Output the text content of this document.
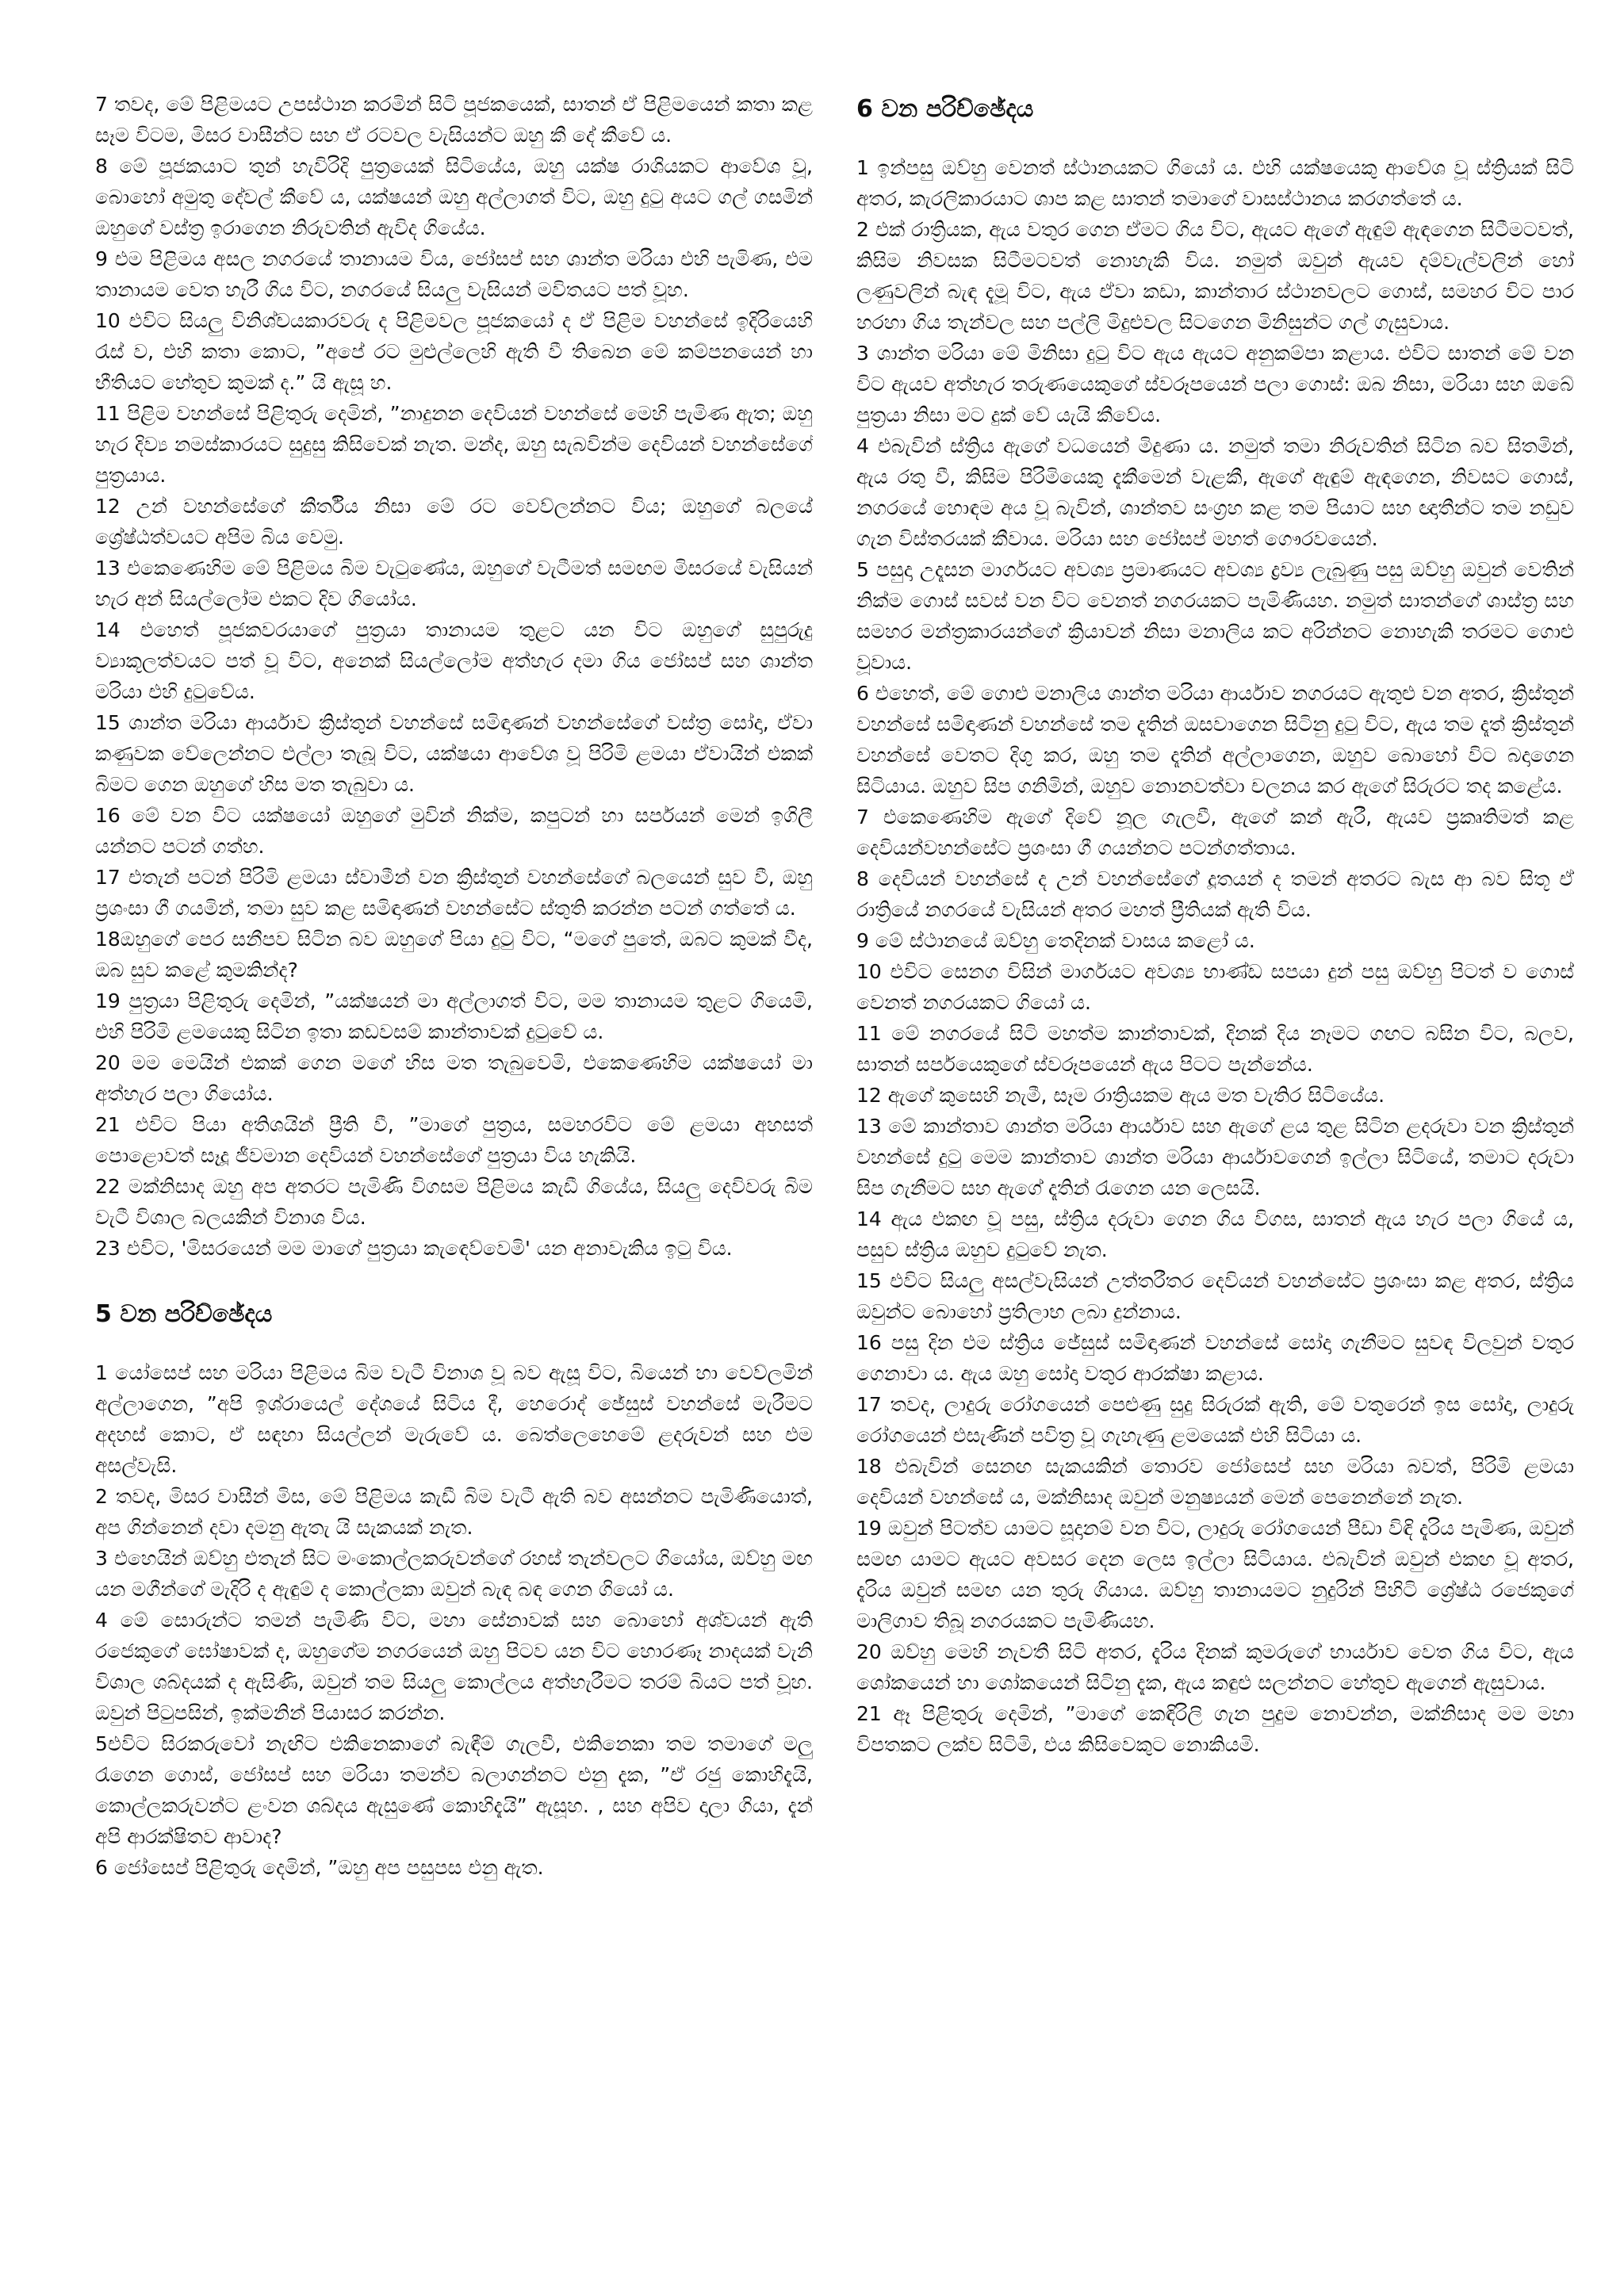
7 තවද, මේ පිළිමයට උපස්ථාන කරමින් සිටි පූජකයෙක්, සාතන් ඒ පිළිමයෙන් කතා කළ සෑම විටම, මිසර වාසීන්ට සහ ඒ රටවල වැසියන්ට ඔහු කී දේ කීවේ ය.

8 මේ පූජකයාට තුන් හැවිරිදි පුත්‍රයෙක් සිටියේය, ඔහු යක්ෂ රාශියකට ආවේශ වූ, බොහෝ අමුතු දේවල් කීවේ ය, යක්ෂයන් ඔහු අල්ලාගත් විට, ඔහු දුටු අයට ගල් ගසමින් ඔහුගේ වස්ත්‍ර ඉරාගෙන නිරුවතින් ඇවිද ගියේය.

9 එම පිළිමය අසල නගරයේ තානායම විය, ජෝසප් සහ ශාන්ත මරියා එහි පැමිණ, එම තානායම වෙත හැරී ගිය විට, නගරයේ සියලු වැසියන් මවිතයට පත් වූහ.

10 එවිට සියලු විනිශ්චයකාරවරු ද පිළිමවල පූජකයෝ ද ඒ පිළිම වහන්සේ ඉදිරියෙහි රැස් ව, එහි කතා කොට, ”අපේ රට මුළුල්ලෙහි ඇති වී තිබෙන මේ කම්පනයෙන් හා භීතියට හේතුව කුමක් ද.” යි ඇසූ හ.

11 පිළිම වහන්සේ පිළිතුරු දෙමින්, ”නාදුනන දෙවියන් වහන්සේ මෙහි පැමිණ ඇත; ඔහු හැර දිව්‍ය නමස්කාරයට සුදුසු කිසිවෙක් නැත. මන්ද, ඔහු සැබවින්ම දෙවියන් වහන්සේගේ පුත්‍රයාය.

12 උන් වහන්සේගේ කීර්තිය නිසා මේ රට වෙව්ලන්නට විය; ඔහුගේ බලයේ ශ්‍රේෂ්ඨත්වයට අපිම බිය වෙමු.

13 එකෙණෙහිම මේ පිළිමය බිම වැටුණේය, ඔහුගේ වැටීමත් සමඟම මිසරයේ වැසියන් හැර අන් සියල්ලෝම එකට දිව ගියෝය.

14 එහෙත් පූජකවරයාගේ පුත්‍රයා තානායම තුළට යන විට ඔහුගේ සුපුරුදු ව්‍යාකූලත්වයට පත් වූ විට, අනෙක් සියල්ලෝම අත්හැර දමා ගිය ජෝසප් සහ ශාන්ත මරියා එහි දුටුවේය.

15 ශාන්ත මරියා ආර්යාව ක්‍රිස්තුන් වහන්සේ සමිඳාණන් වහන්සේගේ වස්ත්‍ර සෝදා, ඒවා කණුවක වේලෙන්නට එල්ලා තැබූ විට, යක්ෂයා ආවේශ වූ පිරිමි ළමයා ඒවායින් එකක් බිමට ගෙන ඔහුගේ හිස මත තැබුවා ය.

16 මේ වන විට යක්ෂයෝ ඔහුගේ මුවින් නික්ම, කපුටන් හා සර්පයන් මෙන් ඉගිලී යන්නට පටන් ගත්හ.

17 එතැන් පටන් පිරිමි ළමයා ස්වාමීන් වන ක්‍රිස්තුන් වහන්සේගේ බලයෙන් සුව වී, ඔහු ප්‍රශංසා ගී ගයමින්, තමා සුව කළ සමිඳාණන් වහන්සේට ස්තුති කරන්න පටන් ගත්තේ ය.

18ඔහුගේ පෙර සනීපව සිටින බව ඔහුගේ පියා දුටු විට, “මගේ පුතේ, ඔබට කුමක් වීද, ඔබ සුව කළේ කුමකින්ද?

19 පුත්‍රයා පිළිතුරු දෙමින්, ”යක්ෂයන් මා අල්ලාගත් විට, මම තානායම තුළට ගියෙමි, එහි පිරිමි ළමයෙකු සිටින ඉතා කඩවසම් කාන්තාවක් දුටුවේ ය.

20 මම මෙයින් එකක් ගෙන මගේ හිස මත තැබුවෙමි, එකෙණෙහිම යක්ෂයෝ මා අත්හැර පලා ගියෝය.

21 එවිට පියා අතිශයින් ප්‍රීති වී, ”මාගේ පුත්‍රය, සමහරවිට මේ ළමයා අහසත් පොළොවත් සෑදූ ජීවමාන දෙවියන් වහන්සේගේ පුත්‍රයා විය හැකියි.

22 මක්නිසාද ඔහු අප අතරට පැමිණි විගසම පිළිමය කැඩී ගියේය, සියලු දෙවිවරු බිම වැටී විශාල බලයකින් විනාශ විය.

23 එවිට, 'මිසරයෙන් මම මාගේ පුත්‍රයා කැඳෙව්වෙමි' යන අනාවැකිය ඉටු විය.

5 වන පරිච්ඡේදය

1 යෝසෙප් සහ මරියා පිළිමය බිම වැටී විනාශ වූ බව ඇසූ විට, බියෙන් හා වෙව්ලමින් අල්ලාගෙන, ”අපි ඉශ්රායෙල් දේශයේ සිටිය දී, හෙරොද් ජේසුස් වහන්සේ මැරීමට අදහස් කොට, ඒ සඳහා සියල්ලන් මැරුවේ ය. බෙත්ලෙහෙමේ ළදරුවන් සහ එම අසල්වැසි.

2 තවද, මිසර වාසීන් මිස, මේ පිළිමය කැඩී බිම වැටී ඇති බව අසන්නට පැමිණියොත්, අප ගින්නෙන් දවා දමනු ඇතැ යි සැකයක් නැත.

3 එහෙයින් ඔව්හු එතැන් සිට මංකොල්ලකරුවන්ගේ රහස් තැන්වලට ගියෝය, ඔව්හු මඟ යන මගීන්ගේ මැදිරි ද ඇඳුම් ද කොල්ලකා ඔවුන් බැඳ බඳ ගෙන ගියෝ ය.

4 මේ සොරුන්ට තමන් පැමිණි විට, මහා සේනාවක් සහ බොහෝ අශ්වයන් ඇති රජෙකුගේ ඝෝෂාවක් ද, ඔහුගේම නගරයෙන් ඔහු පිටව යන විට හොරණෑ නාදයක් වැනි විශාල ශබ්දයක් ද ඇසිණි, ඔවුන් තම සියලු කොල්ලය අත්හැරීමට තරම් බියට පත් වූහ. ඔවුන් පිටුපසින්, ඉක්මනින් පියාසර කරන්න.

5එවිට සිරකරුවෝ නැඟිට එකිනෙකාගේ බැඳීම් ගැලවී, එකිනෙකා තම තමාගේ මලු රැගෙන ගොස්, ජෝසප් සහ මරියා තමන්ව බලාගන්නට එනු දැක, ”ඒ රජු කොහිදැයි, කොල්ලකරුවන්ට ළංවන ශබ්දය ඇසුණේ කොහිදැයි” ඇසූහ. , සහ අපිව දාලා ගියා, දැන් අපි ආරක්ෂිතව ආවාද?

6 ජෝසෙප් පිළිතුරු දෙමින්, ”ඔහු අප පසුපස එනු ඇත.

6 වන පරිච්ඡේදය

1 ඉන්පසු ඔව්හු වෙනත් ස්ථානයකට ගියෝ ය. එහි යක්ෂයෙකු ආවේශ වූ ස්ත්‍රියක් සිටි අතර, කැරලිකාරයාට ශාප කළ සාතන් තමාගේ වාසස්ථානය කරගත්තේ ය.

2 එක් රාත්‍රියක, ඇය වතුර ගෙන ඒමට ගිය විට, ඇයට ඇගේ ඇඳුම් ඇඳගෙන සිටීමටවත්, කිසිම නිවසක සිටීමටවත් නොහැකි විය. නමුත් ඔවුන් ඇයව දම්වැල්වලින් හෝ ලණුවලින් බැඳ දැමූ විට, ඇය ඒවා කඩා, කාන්තාර ස්ථානවලට ගොස්, සමහර විට පාර හරහා ගිය තැන්වල සහ පල්ලි මිදුළුවල සිටගෙන මිනිසුන්ට ගල් ගැසුවාය.

3 ශාන්ත මරියා මේ මිනිසා දුටු විට ඇය ඇයට අනුකම්පා කළාය. එවිට සාතන් මේ වන විට ඇයව අත්හැර තරුණයෙකුගේ ස්වරූපයෙන් පලා ගොස්: ඔබ නිසා, මරියා සහ ඔබේ පුත්‍රයා නිසා මට දුක් වේ යැයි කීවේය.

4 එබැවින් ස්ත්‍රිය ඇගේ වධයෙන් මිදුණා ය. නමුත් තමා නිරුවතින් සිටින බව සිතමින්, ඇය රතු වී, කිසිම පිරිමියෙකු දැකීමෙන් වැළකී, ඇගේ ඇඳුම් ඇඳගෙන, නිවසට ගොස්, නගරයේ හොඳම අය වූ බැවින්, ශාන්තව සංග්‍රහ කළ තම පියාට සහ ඥාතීන්ට තම නඩුව ගැන විස්තරයක් කීවාය. මරියා සහ ජෝසප් මහත් ගෞරවයෙන්.

5 පසුදා උදෑසන මාර්ගයට අවශ්‍ය ප්‍රමාණයට අවශ්‍ය ද්‍රව්‍ය ලැබුණු පසු ඔව්හු ඔවුන් වෙතින් නික්ම ගොස් සවස් වන විට වෙනත් නගරයකට පැමිණියහ. නමුත් සාතන්ගේ ශාස්ත්‍ර සහ සමහර මන්ත්‍රකාරයන්ගේ ක්‍රියාවන් නිසා මනාලිය කට අරින්නට නොහැකි තරමට ගොළු වූවාය.

6 එහෙත්, මේ ගොළු මනාලිය ශාන්ත මරියා ආර්යාව නගරයට ඇතුළු වන අතර, ක්‍රිස්තුන් වහන්සේ සමිඳාණන් වහන්සේ තම දෑතින් ඔසවාගෙන සිටිනු දුටු විට, ඇය තම දෑත් ක්‍රිස්තුන් වහන්සේ වෙතට දිගු කර, ඔහු තම දෑතින් අල්ලාගෙන, ඔහුව බොහෝ විට බදාගෙන සිටියාය. ඔහුව සිප ගනිමින්, ඔහුව නොනවත්වා චලනය කර ඇගේ සිරුරට තද කළේය.

7 එකෙණෙහිම ඇගේ දිවේ නූල ගැලවී, ඇගේ කන් ඇරී, ඇයව ප්‍රකෘතිමත් කළ දෙවියන්වහන්සේට ප්‍රශංසා ගී ගයන්නට පටන්ගත්තාය.

8 දෙවියන් වහන්සේ ද උන් වහන්සේගේ දූතයන් ද තමන් අතරට බැස ආ බව සිතූ ඒ රාත්‍රියේ නගරයේ වැසියන් අතර මහත් ප්‍රීතියක් ඇති විය.

9 මේ ස්ථානයේ ඔව්හු තෙදිනක් වාසය කළෝ ය.

10 එවිට සෙනග විසින් මාර්ගයට අවශ්‍ය භාණ්ඩ සපයා දුන් පසු ඔව්හු පිටත් ව ගොස් වෙනත් නගරයකට ගියෝ ය.

11 මේ නගරයේ සිටි මහත්ම කාන්තාවක්, දිනක් දිය නෑමට ගඟට බසින විට, බලව, සාතන් සර්පයෙකුගේ ස්වරූපයෙන් ඇය පිටට පැන්නේය.

12 ඇගේ කුසෙහි නැමී, සෑම රාත්‍රියකම ඇය මත වැතිර සිටියේය.

13 මේ කාන්තාව ශාන්ත මරියා ආර්යාව සහ ඇගේ ළය තුළ සිටින ළදරුවා වන ක්‍රිස්තුන් වහන්සේ දුටු මෙම කාන්තාව ශාන්ත මරියා ආර්යාවගෙන් ඉල්ලා සිටියේ, තමාට දරුවා සිප ගැනීමට සහ ඇගේ දෑතින් රැගෙන යන ලෙසයි.

14 ඇය එකඟ වූ පසු, ස්ත්‍රිය දරුවා ගෙන ගිය විගස, සාතන් ඇය හැර පලා ගියේ ය, පසුව ස්ත්‍රිය ඔහුව දුටුවේ නැත.

15 එවිට සියලු අසල්වැසියන් උත්තරීතර දෙවියන් වහන්සේට ප්‍රශංසා කළ අතර, ස්ත්‍රිය ඔවුන්ට බොහෝ ප්‍රතිලාභ ලබා දුන්නාය.

16 පසු දින එම ස්ත්‍රිය ජේසුස් සමිඳාණන් වහන්සේ සෝදා ගැනීමට සුවඳ විලවුන් වතුර ගෙනාවා ය. ඇය ඔහු සෝදා වතුර ආරක්ෂා කළාය.

17 තවද, ලාදුරු රෝගයෙන් පෙළුණු සුදු සිරුරක් ඇති, මේ වතුරෙන් ඉස සෝදා, ලාදුරු රෝගයෙන් එසැණින් පවිත්‍ර වූ ගැහැණු ළමයෙක් එහි සිටියා ය.

18 එබැවින් සෙනඟ සැකයකින් තොරව ජෝසෙප් සහ මරියා බවත්, පිරිමි ළමයා දෙවියන් වහන්සේ ය, මක්නිසාද ඔවුන් මනුෂ්‍යයන් මෙන් පෙනෙන්නේ නැත.

19 ඔවුන් පිටත්ව යාමට සූදානම් වන විට, ලාදුරු රෝගයෙන් පීඩා විඳි දැරිය පැමිණ, ඔවුන් සමඟ යාමට ඇයට අවසර දෙන ලෙස ඉල්ලා සිටියාය. එබැවින් ඔවුන් එකඟ වූ අතර, දැරිය ඔවුන් සමඟ යන තුරු ගියාය. ඔව්හු තානායමට නුදුරින් පිහිටි ශ්‍රේෂ්ඨ රජෙකුගේ මාලිගාව තිබූ නගරයකට පැමිණියහ.

20 ඔව්හු මෙහි නැවතී සිටි අතර, දැරිය දිනක් කුමරුගේ භාර්යාව වෙත ගිය විට, ඇය ශෝකයෙන් හා ශෝකයෙන් සිටිනු දැක, ඇය කඳුළු සලන්නට හේතුව ඇගෙන් ඇසුවාය.

21 ඈ පිළිතුරු දෙමින්, ”මාගේ කෙඳිරිලි ගැන පුදුම නොවන්න, මක්නිසාද මම මහා විපතකට ලක්ව සිටිමි, එය කිසිවෙකුට නොකියමි.
